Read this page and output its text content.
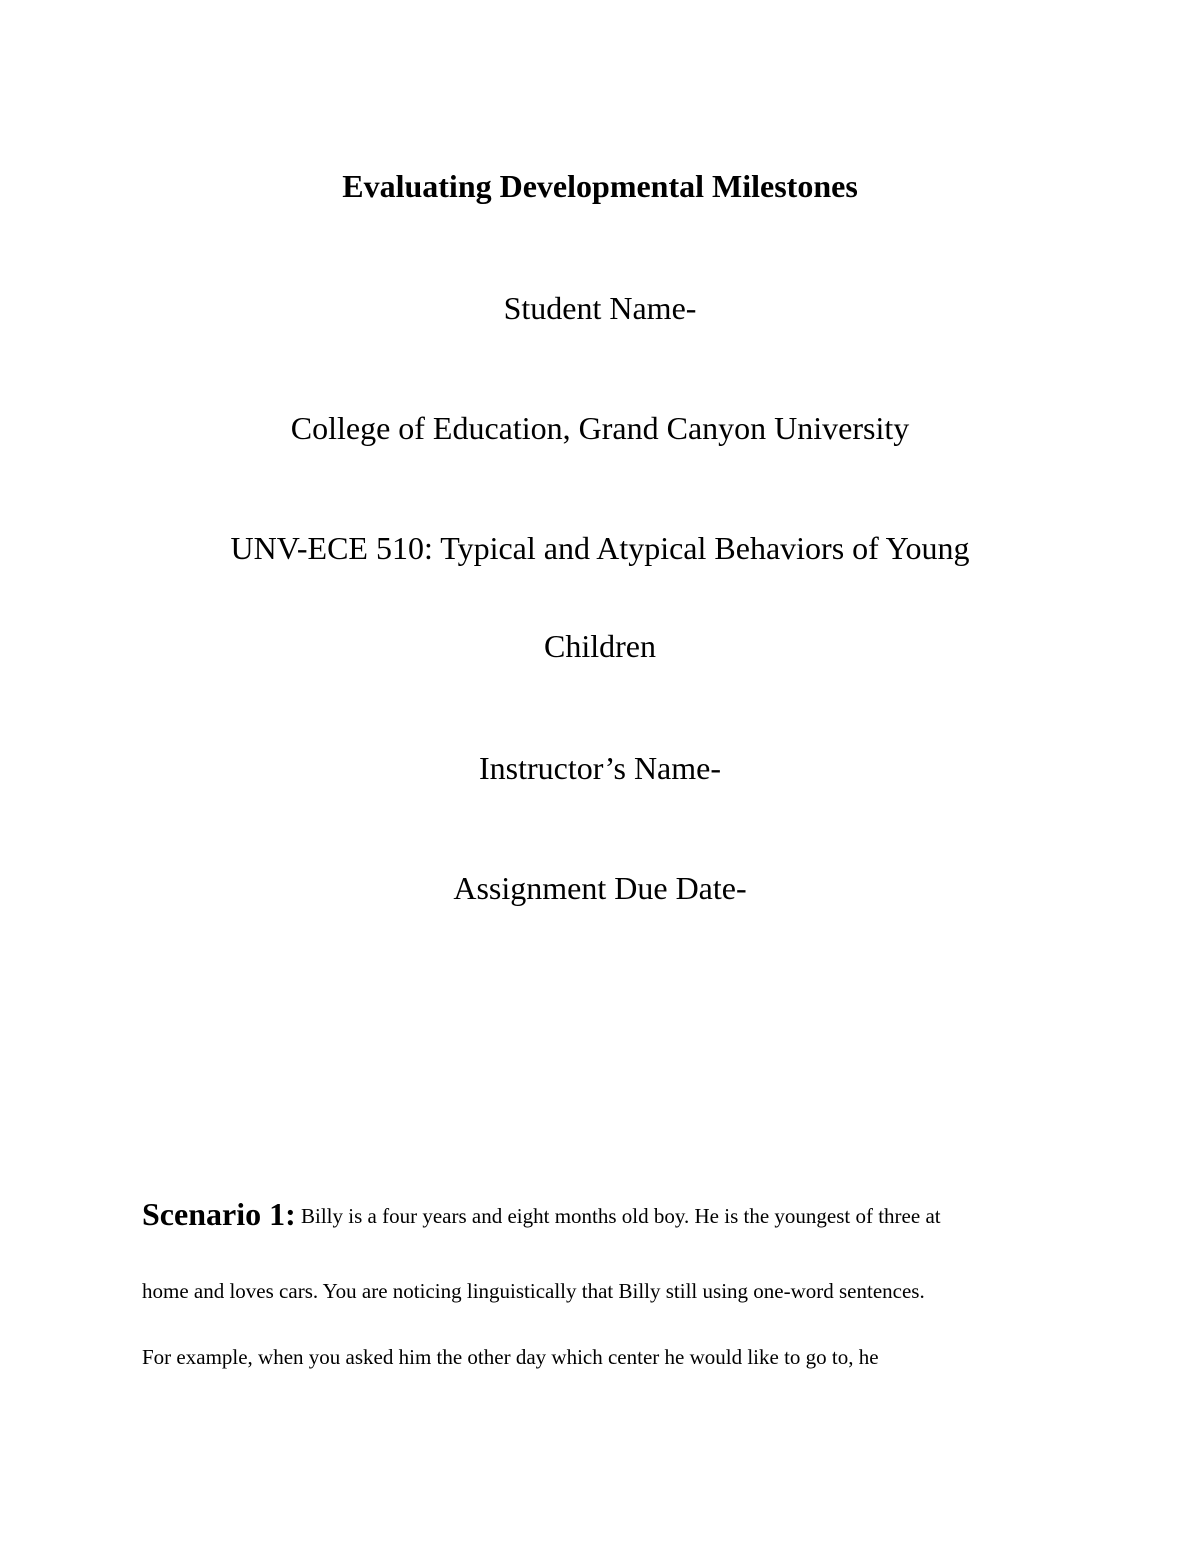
Evaluating Developmental Milestones
Student Name-
College of Education, Grand Canyon University
UNV-ECE 510: Typical and Atypical Behaviors of Young
Children
Instructor’s Name-
Assignment Due Date-
Scenario 1: Billy is a four years and eight months old boy. He is the youngest of three at
home and loves cars. You are noticing linguistically that Billy still using one-word sentences.
For example, when you asked him the other day which center he would like to go to, he
